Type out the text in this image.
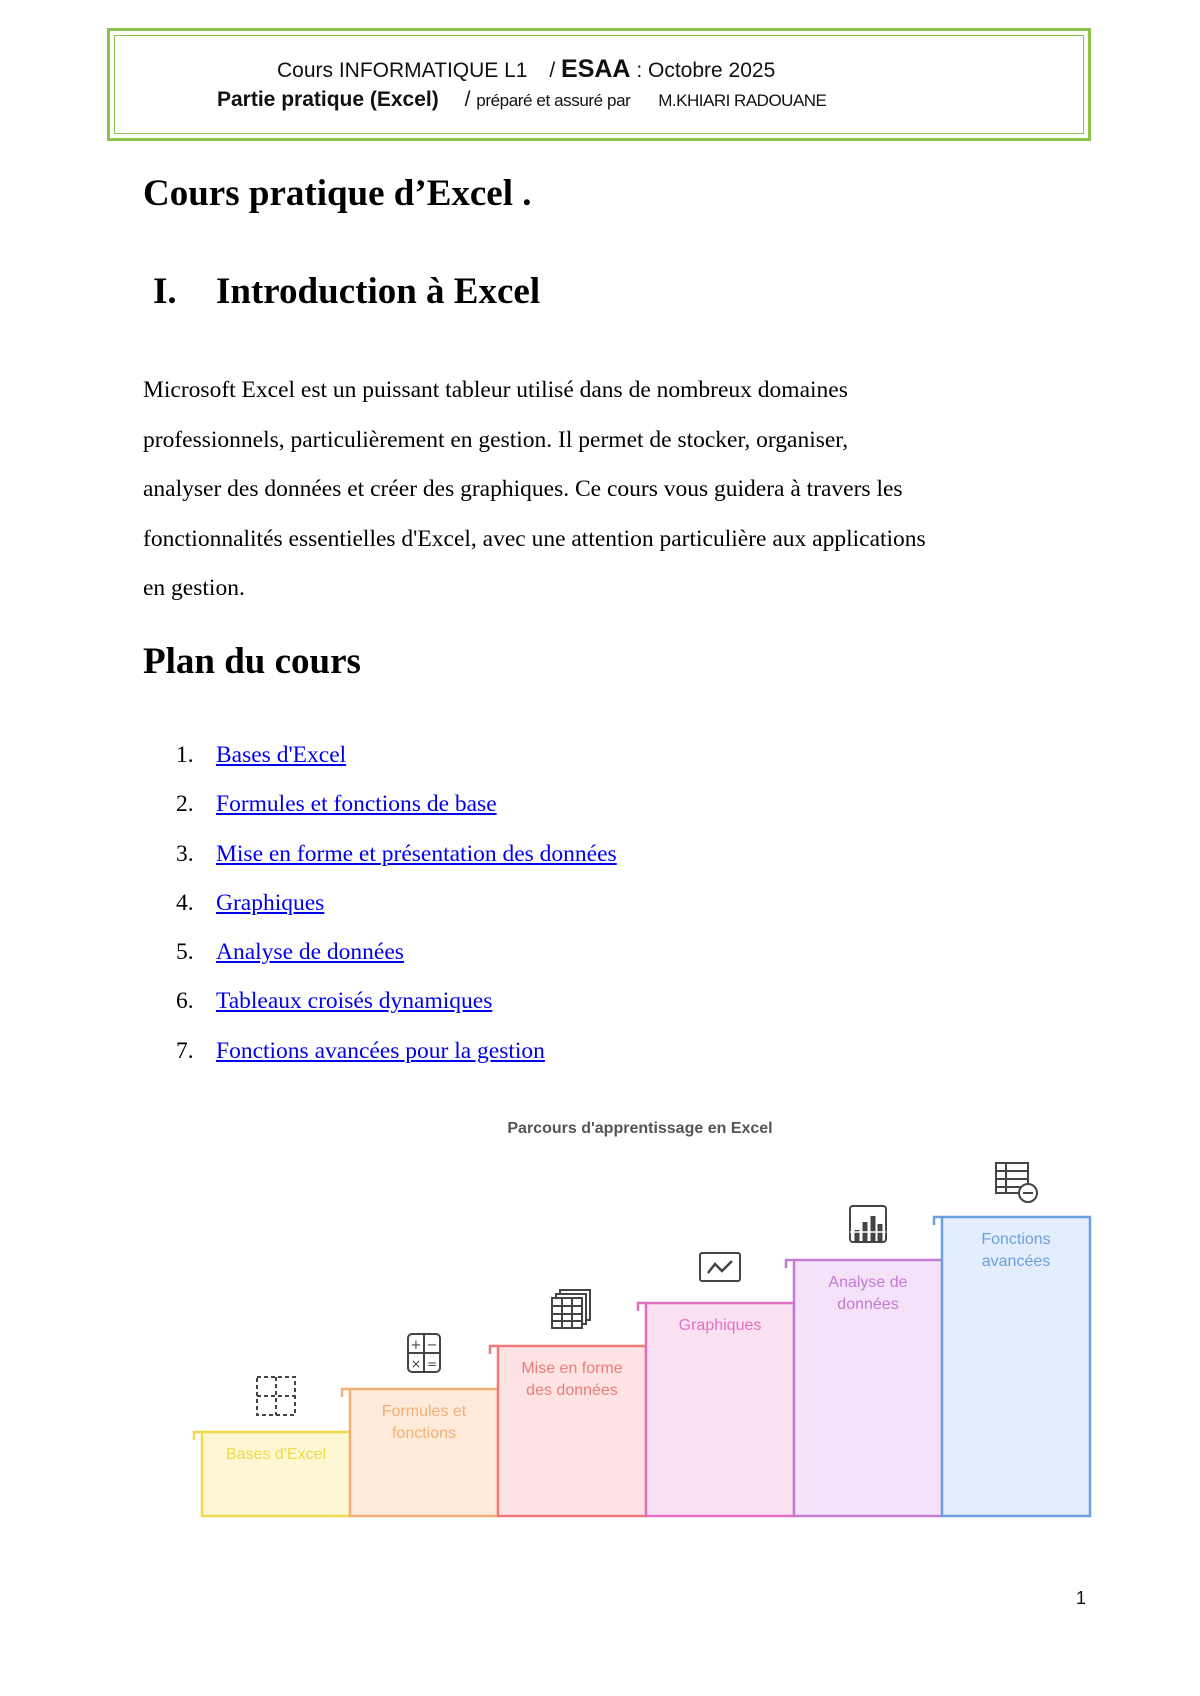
Cours INFORMATIQUE L1 / ESAA : Octobre 2025
Partie pratique (Excel) / préparé et assuré par M.KHIARI RADOUANE
Cours pratique d’Excel .
I. Introduction à Excel
Microsoft Excel est un puissant tableur utilisé dans de nombreux domaines
professionnels, particulièrement en gestion. Il permet de stocker, organiser,
analyser des données et créer des graphiques. Ce cours vous guidera à travers les
fonctionnalités essentielles d'Excel, avec une attention particulière aux applications
en gestion.
Plan du cours
1. Bases d'Excel
2. Formules et fonctions de base
3. Mise en forme et présentation des données
4. Graphiques
5. Analyse de données
6. Tableaux croisés dynamiques
7. Fonctions avancées pour la gestion
Parcours d'apprentissage en Excel
Bases d'Excel
Formules et
fonctions
+ −
× =	Mise en forme
des données
Graphiques
Analyse de
données
Fonctions
avancées
1
